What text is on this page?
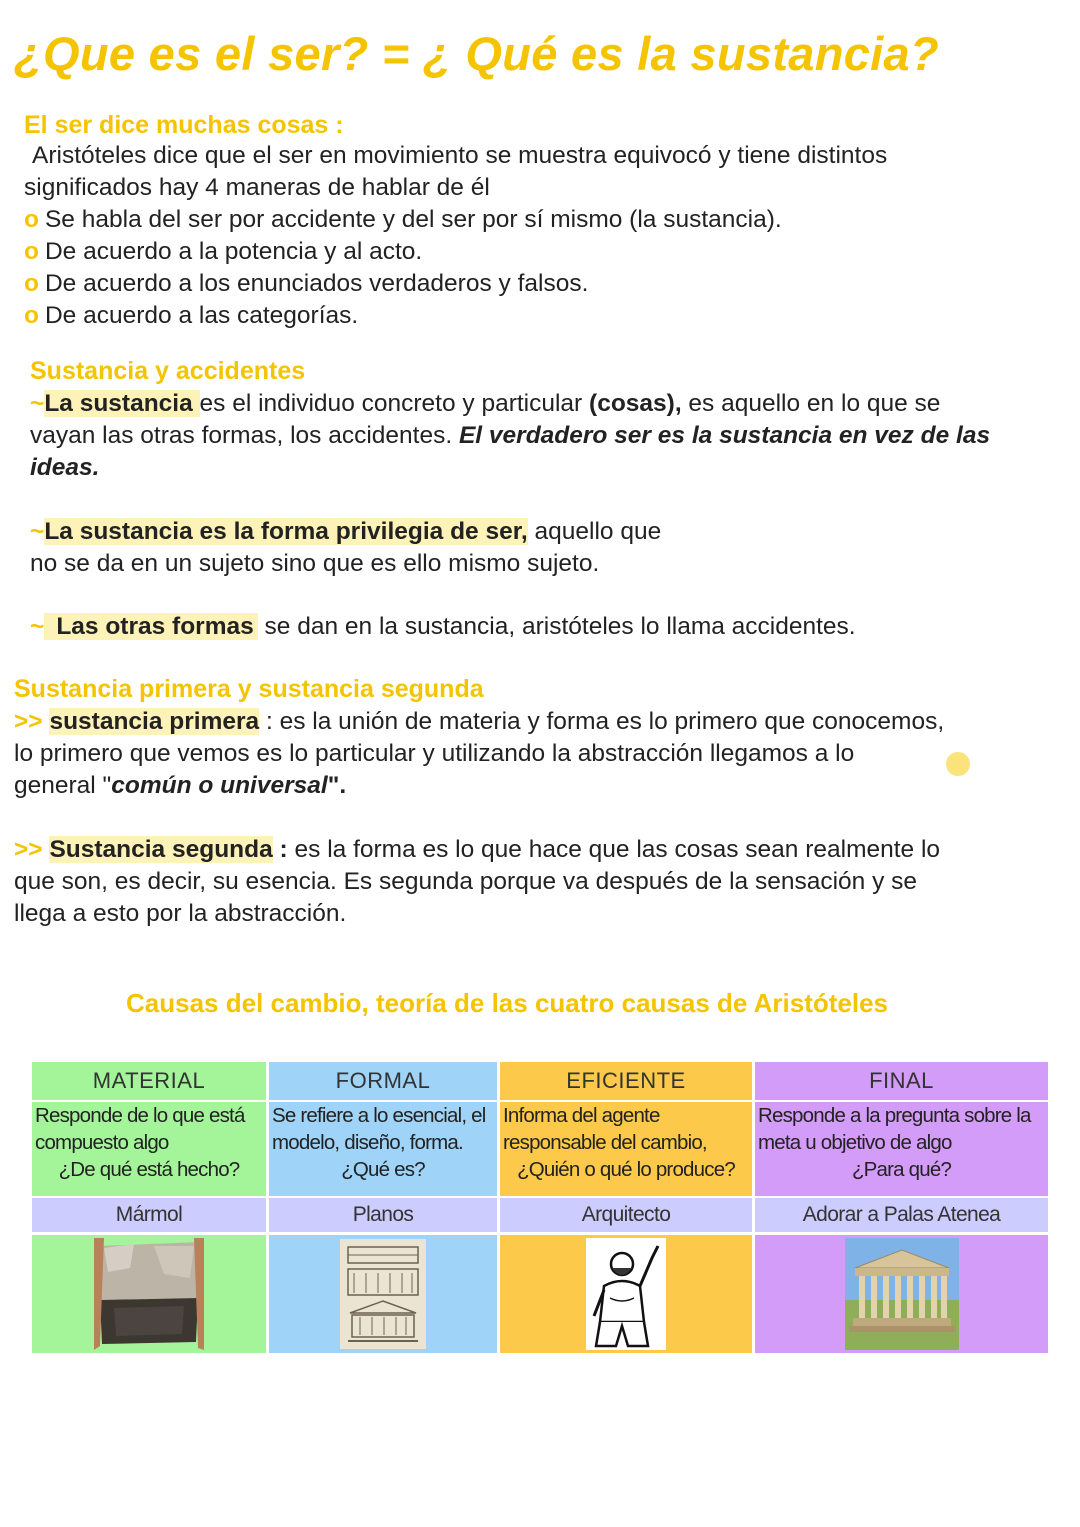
¿Que es el ser? = ¿ Qué es la sustancia?
El ser dice muchas cosas :
Aristóteles dice que el ser en movimiento se muestra equivocó y tiene distintos
significados hay 4 maneras de hablar de él
o Se habla del ser por accidente y del ser por sí mismo (la sustancia).
o De acuerdo a la potencia y al acto.
o De acuerdo a los enunciados verdaderos y falsos.
o De acuerdo a las categorías.
Sustancia y accidentes
~La sustancia es el individuo concreto y particular (cosas), es aquello en lo que se
vayan las otras formas, los accidentes. El verdadero ser es la sustancia en vez de las
ideas.
~La sustancia es la forma privilegia de ser, aquello que
no se da en un sujeto sino que es ello mismo sujeto.
~ Las otras formas se dan en la sustancia, aristóteles lo llama accidentes.
Sustancia primera y sustancia segunda
>> sustancia primera : es la unión de materia y forma es lo primero que conocemos,
lo primero que vemos es lo particular y utilizando la abstracción llegamos a lo
general "común o universal".
>> Sustancia segunda : es la forma es lo que hace que las cosas sean realmente lo
que son, es decir, su esencia. Es segunda porque va después de la sensación y se
llega a esto por la abstracción.
Causas del cambio, teoría de las cuatro causas de Aristóteles
MATERIAL
Responde de lo que está
compuesto algo
¿De qué está hecho?
Mármol
FORMAL
Se refiere a lo esencial, el
modelo, diseño, forma.
¿Qué es?
Planos
EFICIENTE
Informa del agente
responsable del cambio,
¿Quién o qué lo produce?
Arquitecto
FINAL
Responde a la pregunta sobre la
meta u objetivo de algo
¿Para qué?
Adorar a Palas Atenea
